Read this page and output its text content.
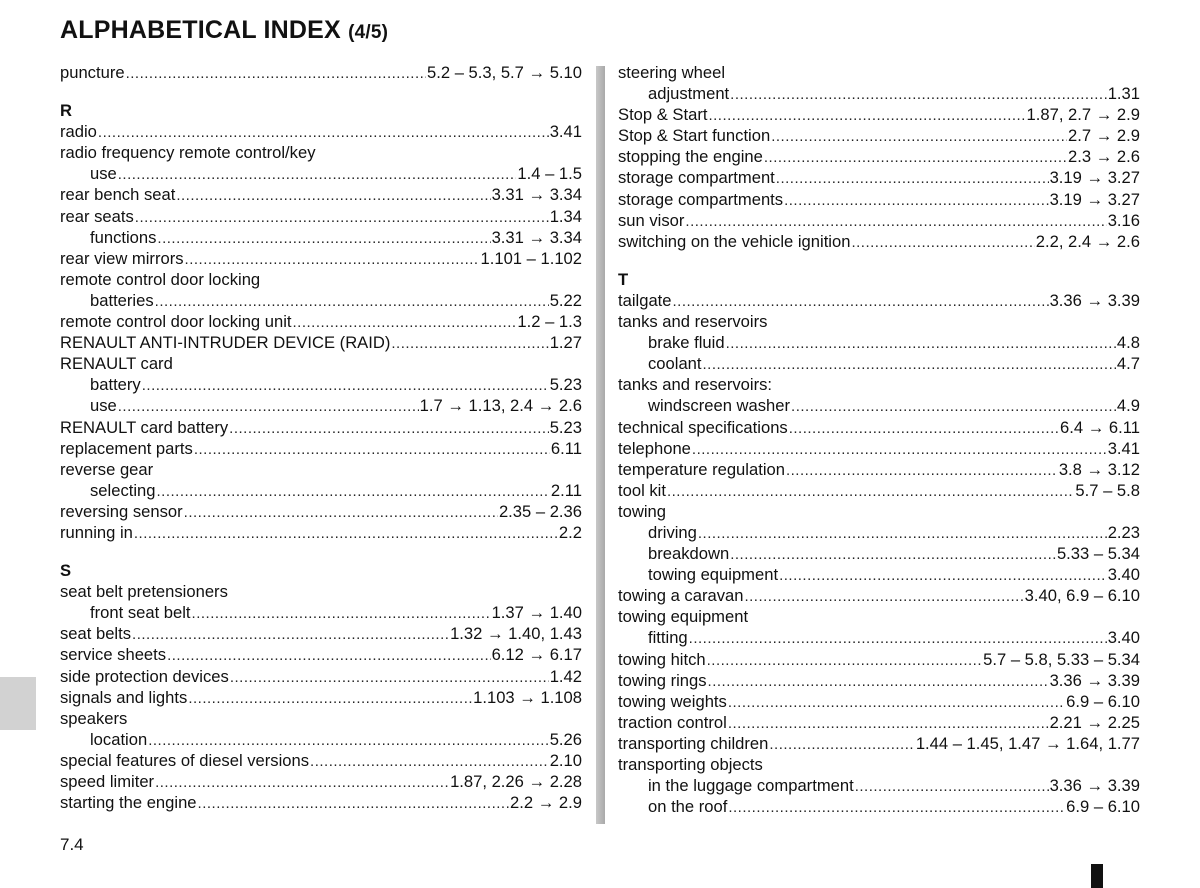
ALPHABETICAL INDEX (4/5)
puncture .....	5.2 – 5.3, 5.7 → 5.10
R
radio .....	3.41
radio frequency remote control/key
use .....	1.4 – 1.5
rear bench seat .....	3.31 → 3.34
rear seats .....	1.34
functions .....	3.31 → 3.34
rear view mirrors .....	1.101 – 1.102
remote control door locking
batteries .....	5.22
remote control door locking unit .....	1.2 – 1.3
RENAULT ANTI-INTRUDER DEVICE (RAID) .....	1.27
RENAULT card
battery .....	5.23
use .....	1.7 → 1.13, 2.4 → 2.6
RENAULT card battery .....	5.23
replacement parts .....	6.11
reverse gear
selecting .....	2.11
reversing sensor .....	2.35 – 2.36
running in .....	2.2
S
seat belt pretensioners
front seat belt .....	1.37 → 1.40
seat belts .....	1.32 → 1.40, 1.43
service sheets .....	6.12 → 6.17
side protection devices .....	1.42
signals and lights .....	1.103 → 1.108
speakers
location .....	5.26
special features of diesel versions .....	2.10
speed limiter .....	1.87, 2.26 → 2.28
starting the engine .....	2.2 → 2.9
steering wheel
adjustment .....	1.31
Stop & Start .....	1.87, 2.7 → 2.9
Stop & Start function .....	2.7 → 2.9
stopping the engine .....	2.3 → 2.6
storage compartment .....	3.19 → 3.27
storage compartments .....	3.19 → 3.27
sun visor .....	3.16
switching on the vehicle ignition .....	2.2, 2.4 → 2.6
T
tailgate .....	3.36 → 3.39
tanks and reservoirs
brake fluid .....	4.8
coolant .....	4.7
tanks and reservoirs:
windscreen washer .....	4.9
technical specifications .....	6.4 → 6.11
telephone .....	3.41
temperature regulation .....	3.8 → 3.12
tool kit .....	5.7 – 5.8
towing
driving .....	2.23
breakdown .....	5.33 – 5.34
towing equipment .....	3.40
towing a caravan .....	3.40, 6.9 – 6.10
towing equipment
fitting .....	3.40
towing hitch .....	5.7 – 5.8, 5.33 – 5.34
towing rings .....	3.36 → 3.39
towing weights .....	6.9 – 6.10
traction control .....	2.21 → 2.25
transporting children .....	1.44 – 1.45, 1.47 → 1.64, 1.77
transporting objects
in the luggage compartment .....	3.36 → 3.39
on the roof .....	6.9 – 6.10
7.4
